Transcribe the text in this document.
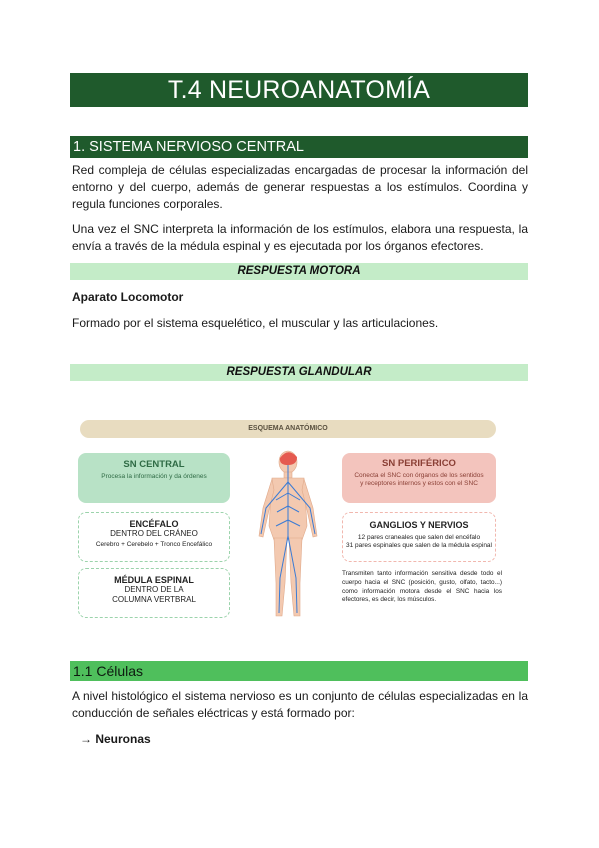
T.4 NEUROANATOMÍA
1. SISTEMA NERVIOSO CENTRAL

Red compleja de células especializadas encargadas de procesar la información del entorno y del cuerpo, además de generar respuestas a los estímulos. Coordina y regula funciones corporales.

Una vez el SNC interpreta la información de los estímulos, elabora una respuesta, la envía a través de la médula espinal y es ejecutada por los órganos efectores.

RESPUESTA MOTORA

Aparato Locomotor

Formado por el sistema esquelético, el muscular y las articulaciones.

RESPUESTA GLANDULAR
ESQUEMA ANATÓMICO
SN CENTRAL
Procesa la información y da órdenes
ENCÉFALO
DENTRO DEL CRÁNEO
Cerebro + Cerebelo + Tronco Encefálico
MÉDULA ESPINAL
DENTRO DE LA
COLUMNA VERTBRAL
SN PERIFÉRICO
Conecta el SNC con órganos de los sentidos y receptores internos y estos con el SNC
GANGLIOS Y NERVIOS
12 pares craneales que salen del encéfalo
31 pares espinales que salen de la médula espinal

Transmiten tanto información sensitiva desde todo el cuerpo hacia el SNC (posición, gusto, olfato, tacto...) como información motora desde el SNC hacia los efectores, es decir, los músculos.

1.1 Células

A nivel histológico el sistema nervioso es un conjunto de células especializadas en la conducción de señales eléctricas y está formado por:

→ Neuronas
